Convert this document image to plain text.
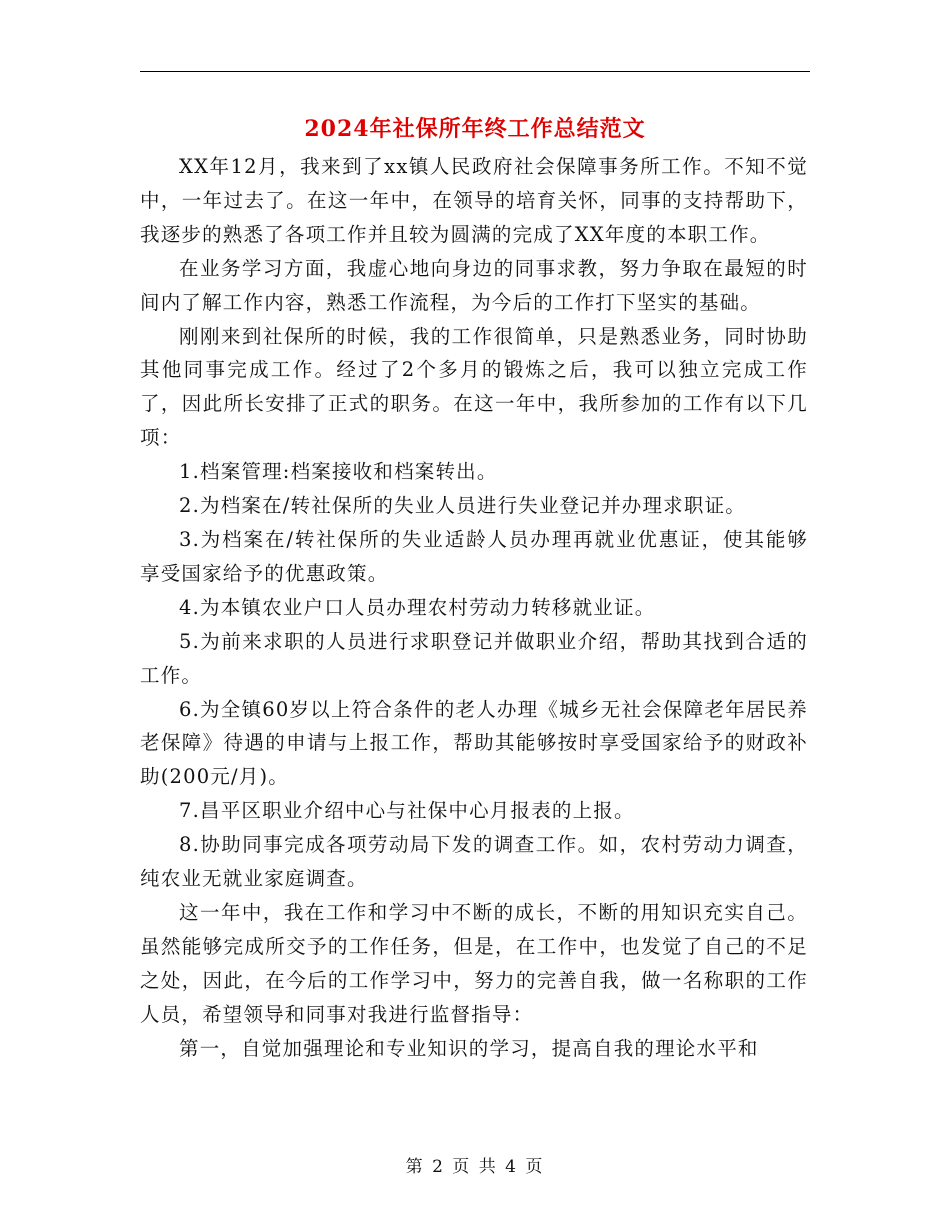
2024年社保所年终工作总结范文

XX年12月，我来到了xx镇人民政府社会保障事务所工作。不知不觉中，一年过去了。在这一年中，在领导的培育关怀，同事的支持帮助下，我逐步的熟悉了各项工作并且较为圆满的完成了XX年度的本职工作。

在业务学习方面，我虚心地向身边的同事求教，努力争取在最短的时间内了解工作内容，熟悉工作流程，为今后的工作打下坚实的基础。

刚刚来到社保所的时候，我的工作很简单，只是熟悉业务，同时协助其他同事完成工作。经过了2个多月的锻炼之后，我可以独立完成工作了，因此所长安排了正式的职务。在这一年中，我所参加的工作有以下几项：

1.档案管理:档案接收和档案转出。

2.为档案在/转社保所的失业人员进行失业登记并办理求职证。

3.为档案在/转社保所的失业适龄人员办理再就业优惠证，使其能够享受国家给予的优惠政策。

4.为本镇农业户口人员办理农村劳动力转移就业证。

5.为前来求职的人员进行求职登记并做职业介绍，帮助其找到合适的工作。

6.为全镇60岁以上符合条件的老人办理《城乡无社会保障老年居民养老保障》待遇的申请与上报工作，帮助其能够按时享受国家给予的财政补助(200元/月)。

7.昌平区职业介绍中心与社保中心月报表的上报。

8.协助同事完成各项劳动局下发的调查工作。如，农村劳动力调查，纯农业无就业家庭调查。

这一年中，我在工作和学习中不断的成长，不断的用知识充实自己。虽然能够完成所交予的工作任务，但是，在工作中，也发觉了自己的不足之处，因此，在今后的工作学习中，努力的完善自我，做一名称职的工作人员，希望领导和同事对我进行监督指导：

第一，自觉加强理论和专业知识的学习，提高自我的理论水平和

第 2 页 共 4 页
